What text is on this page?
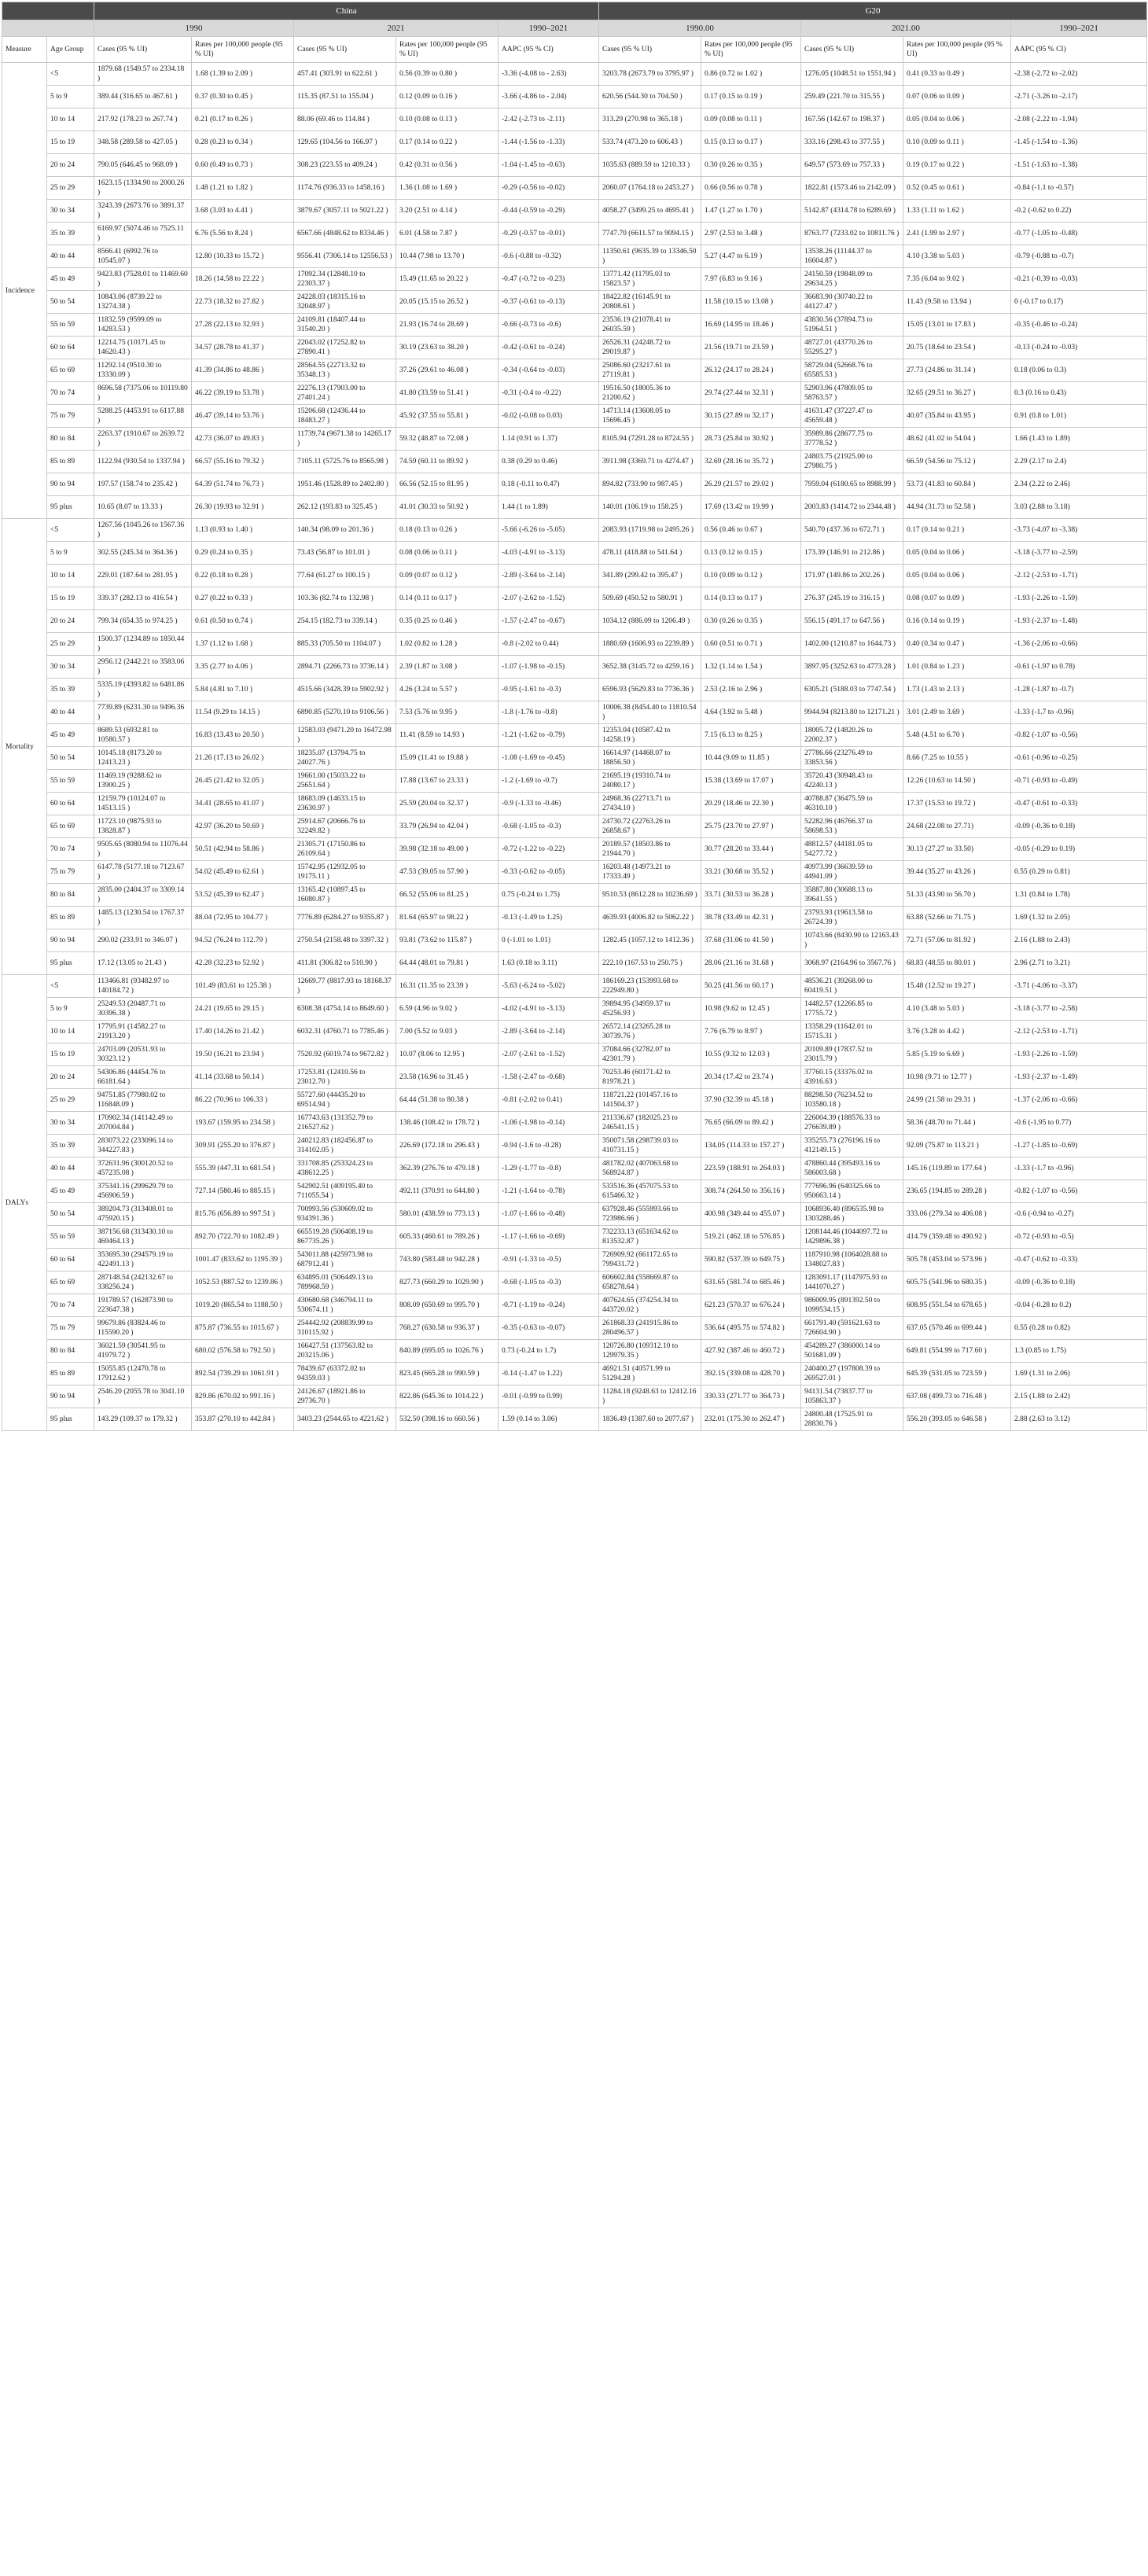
		China					G20				
		1990		2021		1990–2021	1990.00		2021.00		1990–2021
Measure	Age Group	Cases (95 % UI)	Rates per 100,000 people (95 % UI)	Cases (95 % UI)	Rates per 100,000 people (95 % UI)	AAPC (95 % CI)	Cases (95 % UI)	Rates per 100,000 people (95 % UI)	Cases (95 % UI)	Rates per 100,000 people (95 % UI)	AAPC (95 % CI)
Incidence	<5	1879.68 (1549.57 to 2334.18 )	1.68 (1.39 to 2.09 )	457.41 (303.91 to 622.61 )	0.56 (0.39 to 0.80 )	-3.36 (-4.08 to - 2.63)	3203.78 (2673.79 to 3795.97 )	0.86 (0.72 to 1.02 )	1276.05 (1048.51 to 1551.94 )	0.41 (0.33 to 0.49 )	-2.38 (-2.72 to -2.02)
	5 to 9	389.44 (316.65 to 467.61 )	0.37 (0.30 to 0.45 )	115.35 (87.51 to 155.04 )	0.12 (0.09 to 0.16 )	-3.66 (-4.86 to - 2.04)	620.56 (544.30 to 704.50 )	0.17 (0.15 to 0.19 )	259.49 (221.70 to 315.55 )	0.07 (0.06 to 0.09 )	-2.71 (-3.26 to -2.17)
	10 to 14	217.92 (178.23 to 267.74 )	0.21 (0.17 to 0.26 )	88.06 (69.46 to 114.84 )	0.10 (0.08 to 0.13 )	-2.42 (-2.73 to -2.11)	313.29 (270.98 to 365.18 )	0.09 (0.08 to 0.11 )	167.56 (142.67 to 198.37 )	0.05 (0.04 to 0.06 )	-2.08 (-2.22 to -1.94)
	15 to 19	348.58 (289.58 to 427.05 )	0.28 (0.23 to 0.34 )	129.65 (104.56 to 166.97 )	0.17 (0.14 to 0.22 )	-1.44 (-1.56 to -1.33)	533.74 (473.20 to 606.43 )	0.15 (0.13 to 0.17 )	333.16 (298.43 to 377.55 )	0.10 (0.09 to 0.11 )	-1.45 (-1.54 to -1.36)
	20 to 24	790.05 (646.45 to 968.09 )	0.60 (0.49 to 0.73 )	308.23 (223.55 to 409.24 )	0.42 (0.31 to 0.56 )	-1.04 (-1.45 to -0.63)	1035.63 (889.59 to 1210.33 )	0.30 (0.26 to 0.35 )	649.57 (573.69 to 757.33 )	0.19 (0.17 to 0.22 )	-1.51 (-1.63 to -1.38)
	25 to 29	1623.15 (1334.90 to 2000.26 )	1.48 (1.21 to 1.82 )	1174.76 (936.33 to 1458.16 )	1.36 (1.08 to 1.69 )	-0.29 (-0.56 to -0.02)	2060.07 (1764.18 to 2453.27 )	0.66 (0.56 to 0.78 )	1822.81 (1573.46 to 2142.09 )	0.52 (0.45 to 0.61 )	-0.84 (-1.1 to -0.57)
	30 to 34	3243.39 (2673.76 to 3891.37 )	3.68 (3.03 to 4.41 )	3879.67 (3057.11 to 5021.22 )	3.20 (2.51 to 4.14 )	-0.44 (-0.59 to -0.29)	4058.27 (3499.25 to 4695.41 )	1.47 (1.27 to 1.70 )	5142.87 (4314.78 to 6289.69 )	1.33 (1.11 to 1.62 )	-0.2 (-0.62 to 0.22)
	35 to 39	6169.97 (5074.46 to 7525.11 )	6.76 (5.56 to 8.24 )	6567.66 (4848.62 to 8334.46 )	6.01 (4.58 to 7.87 )	-0.29 (-0.57 to -0.01)	7747.70 (6611.57 to 9094.15 )	2.97 (2.53 to 3.48 )	8763.77 (7233.02 to 10811.76 )	2.41 (1.99 to 2.97 )	-0.77 (-1.05 to -0.48)
	40 to 44	8566.41 (6992.76 to 10545.07 )	12.80 (10.33 to 15.72 )	9556.41 (7306.14 to 12556.53 )	10.44 (7.98 to 13.70 )	-0.6 (-0.88 to -0.32)	11350.61 (9635.39 to 13346.50 )	5.27 (4.47 to 6.19 )	13538.26 (11144.37 to 16604.87 )	4.10 (3.38 to 5.03 )	-0.79 (-0.88 to -0.7)
	45 to 49	9423.83 (7528.01 to 11469.60 )	18.26 (14.58 to 22.22 )	17092.34 (12848.10 to 22303.37 )	15.49 (11.65 to 20.22 )	-0.47 (-0.72 to -0.23)	13771.42 (11795.03 to 15823.57 )	7.97 (6.83 to 9.16 )	24150.59 (19848.09 to 29634.25 )	7.35 (6.04 to 9.02 )	-0.21 (-0.39 to -0.03)
	50 to 54	10843.06 (8739.22 to 13274.38 )	22.73 (18.32 to 27.82 )	24228.03 (18315.16 to 32048.97 )	20.05 (15.15 to 26.52 )	-0.37 (-0.61 to -0.13)	18422.82 (16145.91 to 20808.61 )	11.58 (10.15 to 13.08 )	36683.90 (30740.22 to 44127.47 )	11.43 (9.58 to 13.94 )	0 (-0.17 to 0.17)
	55 to 59	11832.59 (9599.09 to 14283.53 )	27.28 (22.13 to 32.93 )	24109.81 (18407.44 to 31540.20 )	21.93 (16.74 to 28.69 )	-0.66 (-0.73 to -0.6)	23536.19 (21078.41 to 26035.59 )	16.69 (14.95 to 18.46 )	43830.56 (37894.73 to 51964.51 )	15.05 (13.01 to 17.83 )	-0.35 (-0.46 to -0.24)
	60 to 64	12214.75 (10171.45 to 14620.43 )	34.57 (28.78 to 41.37 )	22043.02 (17252.82 to 27890.41 )	30.19 (23.63 to 38.20 )	-0.42 (-0.61 to -0.24)	26526.31 (24248.72 to 29019.87 )	21.56 (19.71 to 23.59 )	48727.01 (43770.26 to 55295.27 )	20.75 (18.64 to 23.54 )	-0.13 (-0.24 to -0.03)
	65 to 69	11292.14 (9510.30 to 13330.09 )	41.39 (34.86 to 48.86 )	28564.55 (22713.32 to 35348.13 )	37.26 (29.61 to 46.08 )	-0.34 (-0.64 to -0.03)	25086.60 (23217.61 to 27119.81 )	26.12 (24.17 to 28.24 )	58729.04 (52668.76 to 65585.53 )	27.73 (24.86 to 31.14 )	0.18 (0.06 to 0.3)
	70 to 74	8696.58 (7375.06 to 10119.80 )	46.22 (39.19 to 53.78 )	22276.13 (17903.00 to 27401.24 )	41.80 (33.59 to 51.41 )	-0.31 (-0.4 to -0.22)	19516.50 (18005.36 to 21200.62 )	29.74 (27.44 to 32.31 )	52903.96 (47809.05 to 58763.57 )	32.65 (29.51 to 36.27 )	0.3 (0.16 to 0.43)
	75 to 79	5288.25 (4453.91 to 6117.88 )	46.47 (39.14 to 53.76 )	15206.68 (12436.44 to 18483.27 )	45.92 (37.55 to 55.81 )	-0.02 (-0.08 to 0.03)	14713.14 (13608.05 to 15696.45 )	30.15 (27.89 to 32.17 )	41631.47 (37227.47 to 45659.48 )	40.07 (35.84 to 43.95 )	0.91 (0.8 to 1.01)
	80 to 84	2263.37 (1910.67 to 2639.72 )	42.73 (36.07 to 49.83 )	11739.74 (9671.38 to 14265.17 )	59.32 (48.87 to 72.08 )	1.14 (0.91 to 1.37)	8105.94 (7291.28 to 8724.55 )	28.73 (25.84 to 30.92 )	35989.86 (28677.75 to 37778.52 )	48.62 (41.02 to 54.04 )	1.66 (1.43 to 1.89)
	85 to 89	1122.94 (930.54 to 1337.94 )	66.57 (55.16 to 79.32 )	7105.11 (5725.76 to 8565.98 )	74.59 (60.11 to 89.92 )	0.38 (0.29 to 0.46)	3911.98 (3369.71 to 4274.47 )	32.69 (28.16 to 35.72 )	24803.75 (21925.00 to 27980.75 )	66.59 (54.56 to 75.12 )	2.29 (2.17 to 2.4)
	90 to 94	197.57 (158.74 to 235.42 )	64.39 (51.74 to 76.73 )	1951.46 (1528.89 to 2402.80 )	66.56 (52.15 to 81.95 )	0.18 (-0.11 to 0.47)	894.82 (733.90 to 987.45 )	26.29 (21.57 to 29.02 )	7959.04 (6180.65 to 8988.99 )	53.73 (41.83 to 60.84 )	2.34 (2.22 to 2.46)
	95 plus	10.65 (8.07 to 13.33 )	26.30 (19.93 to 32.91 )	262.12 (193.83 to 325.45 )	41.01 (30.33 to 50.92 )	1.44 (1 to 1.89)	140.01 (106.19 to 158.25 )	17.69 (13.42 to 19.99 )	2003.83 (1414.72 to 2344.48 )	44.94 (31.73 to 52.58 )	3.03 (2.88 to 3.18)
Mortality	<5	1267.56 (1045.26 to 1567.36 )	1.13 (0.93 to 1.40 )	140.34 (98.09 to 201.36 )	0.18 (0.13 to 0.26 )	-5.66 (-6.26 to -5.05)	2083.93 (1719.98 to 2495.26 )	0.56 (0.46 to 0.67 )	540.70 (437.36 to 672.71 )	0.17 (0.14 to 0.21 )	-3.73 (-4.07 to -3.38)
	5 to 9	302.55 (245.34 to 364.36 )	0.29 (0.24 to 0.35 )	73.43 (56.87 to 101.01 )	0.08 (0.06 to 0.11 )	-4.03 (-4.91 to -3.13)	478.11 (418.88 to 541.64 )	0.13 (0.12 to 0.15 )	173.39 (146.91 to 212.86 )	0.05 (0.04 to 0.06 )	-3.18 (-3.77 to -2.59)
	10 to 14	229.01 (187.64 to 281.95 )	0.22 (0.18 to 0.28 )	77.64 (61.27 to 100.15 )	0.09 (0.07 to 0.12 )	-2.89 (-3.64 to -2.14)	341.89 (299.42 to 395.47 )	0.10 (0.09 to 0.12 )	171.97 (149.86 to 202.26 )	0.05 (0.04 to 0.06 )	-2.12 (-2.53 to -1.71)
	15 to 19	339.37 (282.13 to 416.54 )	0.27 (0.22 to 0.33 )	103.36 (82.74 to 132.98 )	0.14 (0.11 to 0.17 )	-2.07 (-2.62 to -1.52)	509.69 (450.52 to 580.91 )	0.14 (0.13 to 0.17 )	276.37 (245.19 to 316.15 )	0.08 (0.07 to 0.09 )	-1.93 (-2.26 to -1.59)
	20 to 24	799.34 (654.35 to 974.25 )	0.61 (0.50 to 0.74 )	254.15 (182.73 to 339.14 )	0.35 (0.25 to 0.46 )	-1.57 (-2.47 to -0.67)	1034.12 (886.09 to 1206.49 )	0.30 (0.26 to 0.35 )	556.15 (491.17 to 647.56 )	0.16 (0.14 to 0.19 )	-1.93 (-2.37 to -1.48)
	25 to 29	1500.37 (1234.89 to 1850.44 )	1.37 (1.12 to 1.68 )	885.33 (705.50 to 1104.07 )	1.02 (0.82 to 1.28 )	-0.8 (-2.02 to 0.44)	1880.69 (1606.93 to 2239.89 )	0.60 (0.51 to 0.71 )	1402.00 (1210.87 to 1644.73 )	0.40 (0.34 to 0.47 )	-1.36 (-2.06 to -0.66)
	30 to 34	2956.12 (2442.21 to 3583.06 )	3.35 (2.77 to 4.06 )	2894.71 (2266.73 to 3736.14 )	2.39 (1.87 to 3.08 )	-1.07 (-1.98 to -0.15)	3652.38 (3145.72 to 4259.16 )	1.32 (1.14 to 1.54 )	3897.95 (3252.63 to 4773.28 )	1.01 (0.84 to 1.23 )	-0.61 (-1.97 to 0.78)
	35 to 39	5335.19 (4393.82 to 6481.86 )	5.84 (4.81 to 7.10 )	4515.66 (3428.39 to 5902.92 )	4.26 (3.24 to 5.57 )	-0.95 (-1.61 to -0.3)	6596.93 (5629.83 to 7736.36 )	2.53 (2.16 to 2.96 )	6305.21 (5188.03 to 7747.54 )	1.73 (1.43 to 2.13 )	-1.28 (-1.87 to -0.7)
	40 to 44	7739.89 (6231.30 to 9496.36 )	11.54 (9.29 to 14.15 )	6890.85 (5270.10 to 9106.56 )	7.53 (5.76 to 9.95 )	-1.8 (-1.76 to -0.8)	10006.38 (8454.40 to 11810.54 )	4.64 (3.92 to 5.48 )	9944.94 (8213.80 to 12171.21 )	3.01 (2.49 to 3.69 )	-1.33 (-1.7 to -0.96)
	45 to 49	8689.53 (6932.81 to 10580.57 )	16.83 (13.43 to 20.50 )	12583.03 (9471.20 to 16472.98 )	11.41 (8.59 to 14.93 )	-1.21 (-1.62 to -0.79)	12353.04 (10587.42 to 14258.19 )	7.15 (6.13 to 8.25 )	18005.72 (14820.26 to 22002.37 )	5.48 (4.51 to 6.70 )	-0.82 (-1.07 to -0.56)
	50 to 54	10145.18 (8173.20 to 12413.23 )	21.26 (17.13 to 26.02 )	18235.07 (13794.75 to 24027.76 )	15.09 (11.41 to 19.88 )	-1.08 (-1.69 to -0.45)	16614.97 (14468.07 to 18856.50 )	10.44 (9.09 to 11.85 )	27786.66 (23276.49 to 33853.56 )	8.66 (7.25 to 10.55 )	-0.61 (-0.96 to -0.25)
	55 to 59	11469.19 (9288.62 to 13900.25 )	26.45 (21.42 to 32.05 )	19661.00 (15033.22 to 25651.64 )	17.88 (13.67 to 23.33 )	-1.2 (-1.69 to -0.7)	21695.19 (19310.74 to 24080.17 )	15.38 (13.69 to 17.07 )	35720.43 (30948.43 to 42240.13 )	12.26 (10.63 to 14.50 )	-0.71 (-0.93 to -0.49)
	60 to 64	12159.79 (10124.07 to 14513.15 )	34.41 (28.65 to 41.07 )	18683.09 (14633.15 to 23630.97 )	25.59 (20.04 to 32.37 )	-0.9 (-1.33 to -0.46)	24968.36 (22713.71 to 27434.10 )	20.29 (18.46 to 22.30 )	40788.87 (36475.59 to 46310.10 )	17.37 (15.53 to 19.72 )	-0.47 (-0.61 to -0.33)
	65 to 69	11723.10 (9875.93 to 13828.87 )	42.97 (36.20 to 50.69 )	25914.67 (20666.76 to 32249.82 )	33.79 (26.94 to 42.04 )	-0.68 (-1.05 to -0.3)	24730.72 (22763.26 to 26858.67 )	25.75 (23.70 to 27.97 )	52282.96 (46766.37 to 58698.53 )	24.68 (22.08 to 27.71)	-0.09 (-0.36 to 0.18)
	70 to 74	9505.65 (8080.94 to 11076.44 )	50.51 (42.94 to 58.86 )	21305.71 (17150.86 to 26109.64 )	39.98 (32.18 to 49.00 )	-0.72 (-1.22 to -0.22)	20189.57 (18503.86 to 21944.70 )	30.77 (28.20 to 33.44 )	48812.57 (44181.05 to 54277.72 )	30.13 (27.27 to 33.50)	-0.05 (-0.29 to 0.19)
	75 to 79	6147.78 (5177.18 to 7123.67 )	54.02 (45.49 to 62.61 )	15742.95 (12932.05 to 19175.11 )	47.53 (39.05 to 57.90 )	-0.33 (-0.62 to -0.05)	16203.48 (14973.21 to 17333.49 )	33.21 (30.68 to 35.52 )	40973.99 (36639.59 to 44941.09 )	39.44 (35.27 to 43.26 )	0.55 (0.29 to 0.81)
	80 to 84	2835.00 (2404.37 to 3309.14 )	53.52 (45.39 to 62.47 )	13165.42 (10897.45 to 16080.87 )	66.52 (55.06 to 81.25 )	0.75 (-0.24 to 1.75)	9510.53 (8612.28 to 10236.69 )	33.71 (30.53 to 36.28 )	35887.80 (30688.13 to 39641.55 )	51.33 (43.90 to 56.70 )	1.31 (0.84 to 1.78)
	85 to 89	1485.13 (1230.54 to 1767.37 )	88.04 (72.95 to 104.77 )	7776.89 (6284.27 to 9355.87 )	81.64 (65.97 to 98.22 )	-0.13 (-1.49 to 1.25)	4639.93 (4006.82 to 5062.22 )	38.78 (33.49 to 42.31 )	23793.93 (19613.58 to 26724.39 )	63.88 (52.66 to 71.75 )	1.69 (1.32 to 2.05)
	90 to 94	290.02 (233.91 to 346.07 )	94.52 (76.24 to 112.79 )	2750.54 (2158.48 to 3397.32 )	93.81 (73.62 to 115.87 )	0 (-1.01 to 1.01)	1282.45 (1057.12 to 1412.36 )	37.68 (31.06 to 41.50 )	10743.66 (8430.90 to 12163.43 )	72.71 (57.06 to 81.92 )	2.16 (1.88 to 2.43)
	95 plus	17.12 (13.05 to 21.43 )	42.28 (32.23 to 52.92 )	411.81 (306.82 to 510.90 )	64.44 (48.01 to 79.81 )	1.63 (0.18 to 3.11)	222.10 (167.53 to 250.75 )	28.06 (21.16 to 31.68 )	3068.97 (2164.96 to 3567.76 )	68.83 (48.55 to 80.01 )	2.96 (2.71 to 3.21)
DALYs	<5	113466.81 (93482.97 to 140184.72 )	101.49 (83.61 to 125.38 )	12669.77 (8817.93 to 18168.37 )	16.31 (11.35 to 23.39 )	-5.63 (-6.24 to -5.02)	186169.23 (153993.68 to 222949.80 )	50.25 (41.56 to 60.17 )	48536.21 (39268.00 to 60419.51 )	15.48 (12.52 to 19.27 )	-3.71 (-4.06 to -3.37)
	5 to 9	25249.53 (20487.71 to 30396.38 )	24.21 (19.65 to 29.15 )	6308.38 (4754.14 to 8649.60 )	6.59 (4.96 to 9.02 )	-4.02 (-4.91 to -3.13)	39894.95 (34959.37 to 45256.93 )	10.98 (9.62 to 12.45 )	14482.57 (12266.85 to 17755.72 )	4.10 (3.48 to 5.03 )	-3.18 (-3.77 to -2.58)
	10 to 14	17795.91 (14582.27 to 21913.20 )	17.40 (14.26 to 21.42 )	6032.31 (4760.71 to 7785.46 )	7.00 (5.52 to 9.03 )	-2.89 (-3.64 to -2.14)	26572.14 (23265.28 to 30739.76 )	7.76 (6.79 to 8.97 )	13358.29 (11642.01 to 15715.31 )	3.76 (3.28 to 4.42 )	-2.12 (-2.53 to -1.71)
	15 to 19	24703.09 (20531.93 to 30323.12 )	19.50 (16.21 to 23.94 )	7520.92 (6019.74 to 9672.82 )	10.07 (8.06 to 12.95 )	-2.07 (-2.61 to -1.52)	37084.66 (32782.07 to 42301.79 )	10.55 (9.32 to 12.03 )	20109.89 (17837.52 to 23015.79 )	5.85 (5.19 to 6.69 )	-1.93 (-2.26 to -1.59)
	20 to 24	54306.86 (44454.76 to 66181.64 )	41.14 (33.68 to 50.14 )	17253.81 (12410.56 to 23012.70 )	23.58 (16.96 to 31.45 )	-1.58 (-2.47 to -0.68)	70253.46 (60171.42 to 81978.21 )	20.34 (17.42 to 23.74 )	37760.15 (33376.02 to 43916.63 )	10.98 (9.71 to 12.77 )	-1.93 (-2.37 to -1.49)
	25 to 29	94751.85 (77980.02 to 116848.09 )	86.22 (70.96 to 106.33 )	55727.60 (44435.20 to 69514.94 )	64.44 (51.38 to 80.38 )	-0.81 (-2.02 to 0.41)	118721.22 (101457.16 to 141504.37 )	37.90 (32.39 to 45.18 )	88298.50 (76234.52 to 103580.18 )	24.99 (21.58 to 29.31 )	-1.37 (-2.06 to -0.66)
	30 to 34	170902.34 (141142.49 to 207004.84 )	193.67 (159.95 to 234.58 )	167743.63 (131352.79 to 216527.62 )	138.46 (108.42 to 178.72 )	-1.06 (-1.98 to -0.14)	211336.67 (182025.23 to 246541.15 )	76.65 (66.09 to 89.42 )	226004.39 (188576.33 to 276639.89 )	58.36 (48.70 to 71.44 )	-0.6 (-1.95 to 0.77)
	35 to 39	283073.22 (233096.14 to 344227.83 )	309.91 (255.20 to 376.87 )	240212.83 (182456.87 to 314102.05 )	226.69 (172.18 to 296.43 )	-0.94 (-1.6 to -0.28)	350071.58 (298739.03 to 410731.15 )	134.05 (114.33 to 157.27 )	335255.73 (276196.16 to 412149.15 )	92.09 (75.87 to 113.21 )	-1.27 (-1.85 to -0.69)
	40 to 44	372631.96 (300120.52 to 457235.08 )	555.39 (447.31 to 681.54 )	331708.85 (253324.23 to 438612.25 )	362.39 (276.76 to 479.18 )	-1.29 (-1.77 to -0.8)	481782.02 (407063.68 to 568924.87 )	223.59 (188.91 to 264.03 )	478860.44 (395493.16 to 586003.68 )	145.16 (119.89 to 177.64 )	-1.33 (-1.7 to -0.96)
	45 to 49	375341.16 (299629.79 to 456906.59 )	727.14 (580.46 to 885.15 )	542902.51 (409195.40 to 711055.54 )	492.11 (370.91 to 644.80 )	-1.21 (-1.64 to -0.78)	533516.36 (457075.53 to 615466.32 )	308.74 (264.50 to 356.16 )	777696.96 (640325.66 to 950663.14 )	236.65 (194.85 to 289.28 )	-0.82 (-1.07 to -0.56)
	50 to 54	389204.73 (313408.01 to 475920.15 )	815.76 (656.89 to 997.51 )	700993.56 (530609.02 to 934391.36 )	580.01 (438.59 to 773.13 )	-1.07 (-1.66 to -0.48)	637928.46 (555993.66 to 723986.66 )	400.98 (349.44 to 455.07 )	1068936.40 (896535.98 to 1303288.46 )	333.06 (279.34 to 406.08 )	-0.6 (-0.94 to -0.27)
	55 to 59	387156.68 (313430.10 to 469464.13 )	892.70 (722.70 to 1082.49 )	665519.28 (506408.19 to 867735.26 )	605.33 (460.61 to 789.26 )	-1.17 (-1.66 to -0.69)	732233.13 (651634.62 to 813532.87 )	519.21 (462.18 to 576.85 )	1208144.46 (1044097.72 to 1429896.38 )	414.79 (359.48 to 490.92 )	-0.72 (-0.93 to -0.5)
	60 to 64	353695.30 (294579.19 to 422491.13 )	1001.47 (833.62 to 1195.39 )	543011.88 (425973.98 to 687912.41 )	743.80 (583.48 to 942.28 )	-0.91 (-1.33 to -0.5)	726909.92 (661172.65 to 799431.72 )	590.82 (537.39 to 649.75 )	1187910.98 (1064028.88 to 1348027.83 )	505.78 (453.04 to 573.96 )	-0.47 (-0.62 to -0.33)
	65 to 69	287148.54 (242132.67 to 338256.24 )	1052.53 (887.52 to 1239.86 )	634895.01 (506449.13 to 789968.59 )	827.73 (660.29 to 1029.90 )	-0.68 (-1.05 to -0.3)	606602.84 (558669.87 to 658278.64 )	631.65 (581.74 to 685.46 )	1283091.17 (1147975.93 to 1441070.27 )	605.75 (541.96 to 680.35 )	-0.09 (-0.36 to 0.18)
	70 to 74	191789.57 (162873.90 to 223647.38 )	1019.20 (865.54 to 1188.50 )	430680.68 (346794.11 to 530674.11 )	808.09 (650.69 to 995.70 )	-0.71 (-1.19 to -0.24)	407624.65 (374254.34 to 443720.02 )	621.23 (570.37 to 676.24 )	986009.95 (891392.50 to 1099534.15 )	608.95 (551.54 to 678.65 )	-0.04 (-0.28 to 0.2)
	75 to 79	99679.86 (83824.46 to 115590.20 )	875.87 (736.55 to 1015.67 )	254442.92 (208839.99 to 310115.92 )	768.27 (630.58 to 936.37 )	-0.35 (-0.63 to -0.07)	261868.33 (241915.86 to 280496.57 )	536.64 (495.75 to 574.82 )	661791.40 (591621.63 to 726604.90 )	637.05 (570.46 to 699.44 )	0.55 (0.28 to 0.82)
	80 to 84	36021.59 (30541.95 to 41979.72 )	680.02 (576.58 to 792.50 )	166427.51 (137563.82 to 203215.06 )	840.89 (695.05 to 1026.76 )	0.73 (-0.24 to 1.7)	120726.80 (109312.10 to 129979.35 )	427.92 (387.46 to 460.72 )	454289.27 (386000.14 to 501681.09 )	649.81 (554.99 to 717.60 )	1.3 (0.85 to 1.75)
	85 to 89	15055.85 (12470.78 to 17912.62 )	892.54 (739.29 to 1061.91 )	78439.67 (63372.02 to 94359.03 )	823.45 (665.28 to 990.59 )	-0.14 (-1.47 to 1.22)	46921.51 (40571.99 to 51294.28 )	392.15 (339.08 to 428.70 )	240400.27 (197808.39 to 269527.01 )	645.39 (531.05 to 723.59 )	1.69 (1.31 to 2.06)
	90 to 94	2546.20 (2055.78 to 3041.10 )	829.86 (670.02 to 991.16 )	24126.67 (18921.86 to 29736.70 )	822.86 (645.36 to 1014.22 )	-0.01 (-0.99 to 0.99)	11284.18 (9248.63 to 12412.16 )	330.33 (271.77 to 364.73 )	94131.54 (73837.77 to 105863.37 )	637.08 (499.73 to 716.48 )	2.15 (1.88 to 2.42)
	95 plus	143.29 (109.37 to 179.32 )	353.87 (270.10 to 442.84 )	3403.23 (2544.65 to 4221.62 )	532.50 (398.16 to 660.56 )	1.59 (0.14 to 3.06)	1836.49 (1387.60 to 2077.67 )	232.01 (175.30 to 262.47 )	24800.48 (17525.91 to 28830.76 )	556.20 (393.05 to 646.58 )	2.88 (2.63 to 3.12)
